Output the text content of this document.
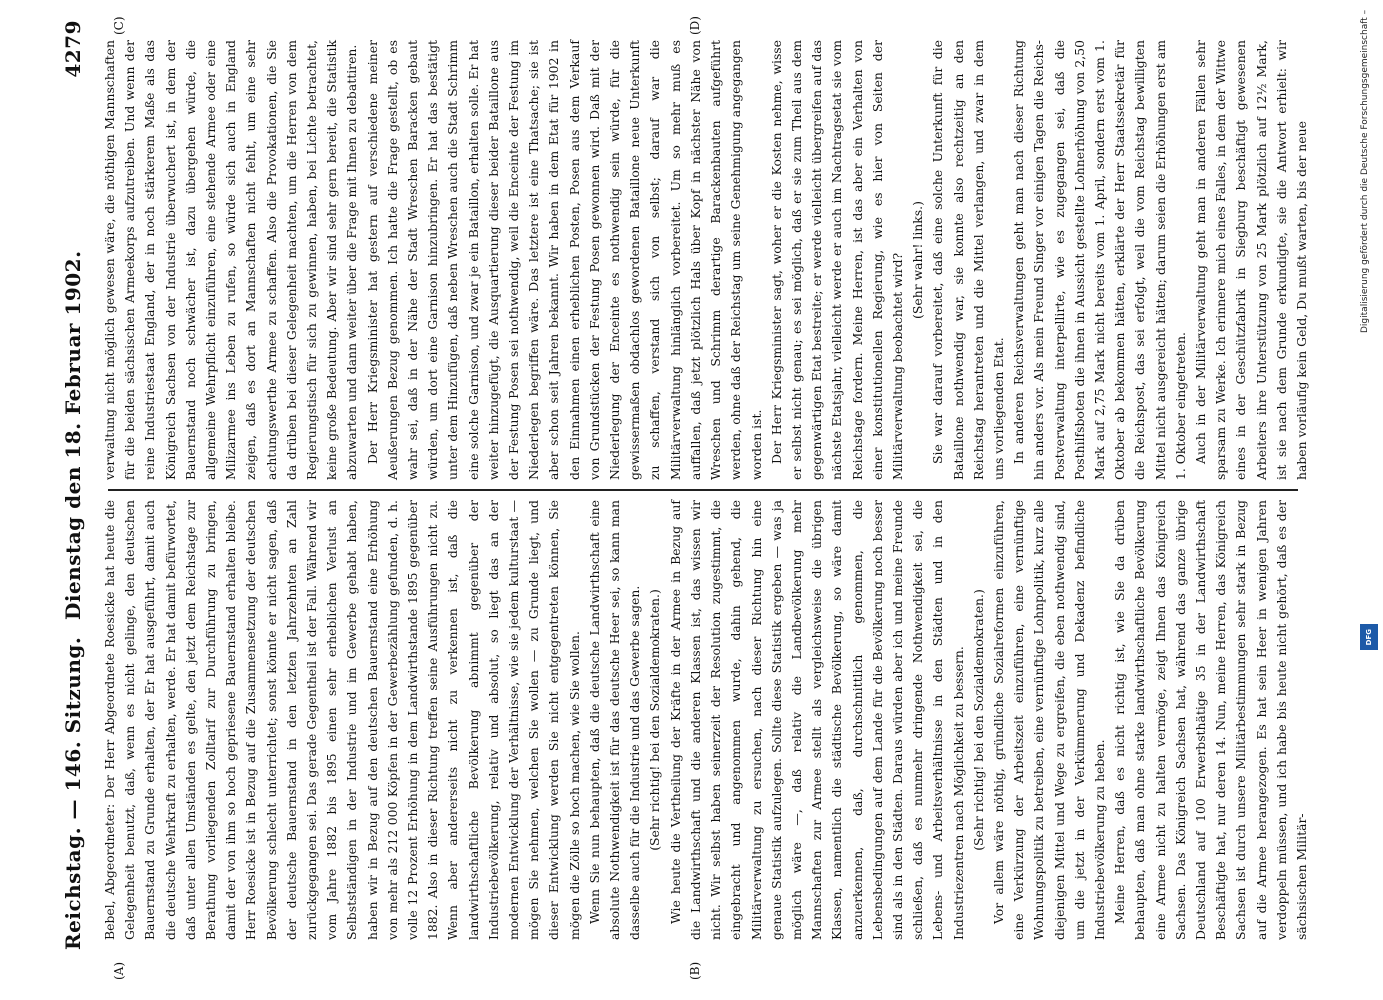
Reichstag. — 146. Sitzung.
Dienstag den 18. Februar 1902.
4279
(A)	(B)
(C)	(D)

Bebel, Abgeordneter: Der Herr Abgeordnete Roesicke hat heute die Gelegenheit benutzt, daß, wenn es nicht gelinge, den deutschen Bauernstand zu Grunde erhalten, der Er hat ausgeführt, damit auch die deutsche Wehrkraft zu erhalten, werde. Er hat damit befürwortet, daß unter allen Umständen es gelte, den jetzt dem Reichstage zur Berathung vorliegenden Zolltarif zur Durchführung zu bringen, damit der von ihm so hoch gepriesene Bauernstand erhalten bleibe. Herr Roesicke ist in Bezug auf die Zusammensetzung der deutschen Bevölkerung schlecht unterrichtet; sonst könnte er nicht sagen, daß der deutsche Bauernstand in den letzten Jahrzehnten an Zahl zurückgegangen sei. Das gerade Gegentheil ist der Fall. Während wir vom Jahre 1882 bis 1895 einen sehr erheblichen Verlust an Selbstständigen in der Industrie und im Gewerbe gehabt haben, haben wir in Bezug auf den deutschen Bauernstand eine Erhöhung von mehr als 212 000 Köpfen in der Gewerbezählung gefunden, d. h. volle 12 Prozent Erhöhung in dem Landwirthstande 1895 gegenüber 1882. Also in dieser Richtung treffen seine Ausführungen nicht zu. Wenn aber andererseits nicht zu verkennen ist, daß die landwirthschaftliche Bevölkerung abnimmt gegenüber der Industriebevölkerung, relativ und absolut, so liegt das an der modernen Entwicklung der Verhältnisse, wie sie jedem kulturstaat — mögen Sie nehmen, welchen Sie wollen — zu Grunde liegt, und dieser Entwicklung werden Sie nicht entgegentreten können, Sie mögen die Zölle so hoch machen, wie Sie wollen. Wenn Sie nun behaupten, daß die deutsche Landwirthschaft eine absolute Nothwendigkeit ist für das deutsche Heer sei, so kann man dasselbe auch für die Industrie und das Gewerbe sagen. (Sehr richtig! bei den Sozialdemokraten.) Wie heute die Vertheilung der Kräfte in der Armee in Bezug auf die Landwirthschaft und die anderen Klassen ist, das wissen wir nicht. Wir selbst haben seinerzeit der Resolution zugestimmt, die eingebracht und angenommen wurde, dahin gehend, die Militärverwaltung zu ersuchen, nach dieser Richtung hin eine genaue Statistik aufzulegen. Sollte diese Statistik ergeben — was ja möglich wäre —, daß relativ die Landbevölkerung mehr Mannschaften zur Armee stellt als vergleichsweise die übrigen Klassen, namentlich die städtische Bevölkerung, so wäre damit anzuerkennen, daß, durchschnittlich genommen, die Lebensbedingungen auf dem Lande für die Bevölkerung noch besser sind als in den Städten. Daraus würden aber ich und meine Freunde schließen, daß es nunmehr dringende Nothwendigkeit sei, die Lebens- und Arbeitsverhältnisse in den Städten und in den Industriezentren nach Möglichkeit zu bessern. (Sehr richtig! bei den Sozialdemokraten.) Vor allem wäre nöthig, gründliche Sozialreformen einzuführen, eine Verkürzung der Arbeitszeit einzuführen, eine vernünftige Wohnungspolitik zu betreiben, eine vernünftige Lohnpolitik, kurz alle diejenigen Mittel und Wege zu ergreifen, die eben nothwendig sind, um die jetzt in der Verkümmerung und Dekadenz befindliche Industriebevölkerung zu heben. Meine Herren, daß es nicht richtig ist, wie Sie da drüben behaupten, daß man ohne starke landwirthschaftliche Bevölkerung eine Armee nicht zu halten vermöge, zeigt Ihnen das Königreich Sachsen. Das Königreich Sachsen hat, während das ganze übrige Deutschland auf 100 Erwerbsthätige 35 in der Landwirthschaft Beschäftigte hat, nur deren 14. Nun, meine Herren, das Königreich Sachsen ist durch unsere Militärbestimmungen sehr stark in Bezug auf die Armee herangezogen. Es hat sein Heer in wenigen Jahren verdoppeln müssen, und ich habe bis heute nicht gehört, daß es der sächsischen Militär-

verwaltung nicht möglich gewesen wäre, die nöthigen Mannschaften für die beiden sächsischen Armeekorps aufzutreiben. Und wenn der reine Industriestaat England, der in noch stärkerem Maße als das Königreich Sachsen von der Industrie überwuchert ist, in dem der Bauernstand noch schwächer ist, dazu übergehen würde, die allgemeine Wehrpflicht einzuführen, eine stehende Armee oder eine Milizarmee ins Leben zu rufen, so würde sich auch in England zeigen, daß es dort an Mannschaften nicht fehlt, um eine sehr achtungswerthe Armee zu schaffen. Also die Provokationen, die Sie da drüben bei dieser Gelegenheit machten, um die Herren von dem Regierungstisch für sich zu gewinnen, haben, bei Lichte betrachtet, keine große Bedeutung. Aber wir sind sehr gern bereit, die Statistik abzuwarten und dann weiter über die Frage mit Ihnen zu debattiren. Der Herr Kriegsminister hat gestern auf verschiedene meiner Aeußerungen Bezug genommen. Ich hatte die Frage gestellt, ob es wahr sei, daß in der Nähe der Stadt Wreschen Baracken gebaut würden, um dort eine Garnison hinzubringen. Er hat das bestätigt unter dem Hinzufügen, daß neben Wreschen auch die Stadt Schrimm eine solche Garnison, und zwar je ein Bataillon, erhalten solle. Er hat weiter hinzugefügt, die Ausquartierung dieser beider Bataillone aus der Festung Posen sei nothwendig, weil die Enceinte der Festung im Niederlegen begriffen wäre. Das letztere ist eine Thatsache; sie ist aber schon seit Jahren bekannt. Wir haben in dem Etat für 1902 in den Einnahmen einen erheblichen Posten, Posen aus dem Verkauf von Grundstücken der Festung Posen gewonnen wird. Daß mit der Niederlegung der Enceinte es nothwendig sein würde, für die gewissermaßen obdachlos gewordenen Bataillone neue Unterkunft zu schaffen, verstand sich von selbst; darauf war die Militärverwaltung hinlänglich vorbereitet. Um so mehr muß es auffallen, daß jetzt plötzlich Hals über Kopf in nächster Nähe von Wreschen und Schrimm derartige Barackenbauten aufgeführt werden, ohne daß der Reichstag um seine Genehmigung angegangen worden ist. Der Herr Kriegsminister sagt, woher er die Kosten nehme, wisse er selbst nicht genau; es sei möglich, daß er sie zum Theil aus dem gegenwärtigen Etat bestreite; er werde vielleicht übergreifen auf das nächste Etatsjahr, vielleicht werde er auch im Nachtragsetat sie vom Reichstage fordern. Meine Herren, ist das aber ein Verhalten von einer konstitutionellen Regierung, wie es hier von Seiten der Militärverwaltung beobachtet wird? (Sehr wahr! links.) Sie war darauf vorbereitet, daß eine solche Unterkunft für die Bataillone nothwendig war, sie konnte also rechtzeitig an den Reichstag herantreten und die Mittel verlangen, und zwar in dem uns vorliegenden Etat. In anderen Reichsverwaltungen geht man nach dieser Richtung hin anders vor. Als mein Freund Singer vor einigen Tagen die Reichs-Postverwaltung interpellirte, wie es zugegangen sei, daß die Posthilfsboten die ihnen in Aussicht gestellte Lohnerhöhung von 2,50 Mark auf 2,75 Mark nicht bereits vom 1. April, sondern erst vom 1. Oktober ab bekommen hätten, erklärte der Herr Staatssekretär für die Reichspost, das sei erfolgt, weil die vom Reichstag bewilligten Mittel nicht ausgereicht hätten; darum seien die Erhöhungen erst am 1. Oktober eingetreten. Auch in der Militärverwaltung geht man in anderen Fällen sehr sparsam zu Werke. Ich erinnere mich eines Falles, in dem der Wittwe eines in der Geschützfabrik in Siegburg beschäftigt gewesenen Arbeiters ihre Unterstützung von 25 Mark plötzlich auf 12½ Mark, ist sie nach dem Grunde erkundigte, sie die Antwort erhielt: wir haben vorläufig kein Geld, Du mußt warten, bis der neue	Digitalisierung gefördert durch die Deutsche Forschungsgemeinschaft –
DFG
